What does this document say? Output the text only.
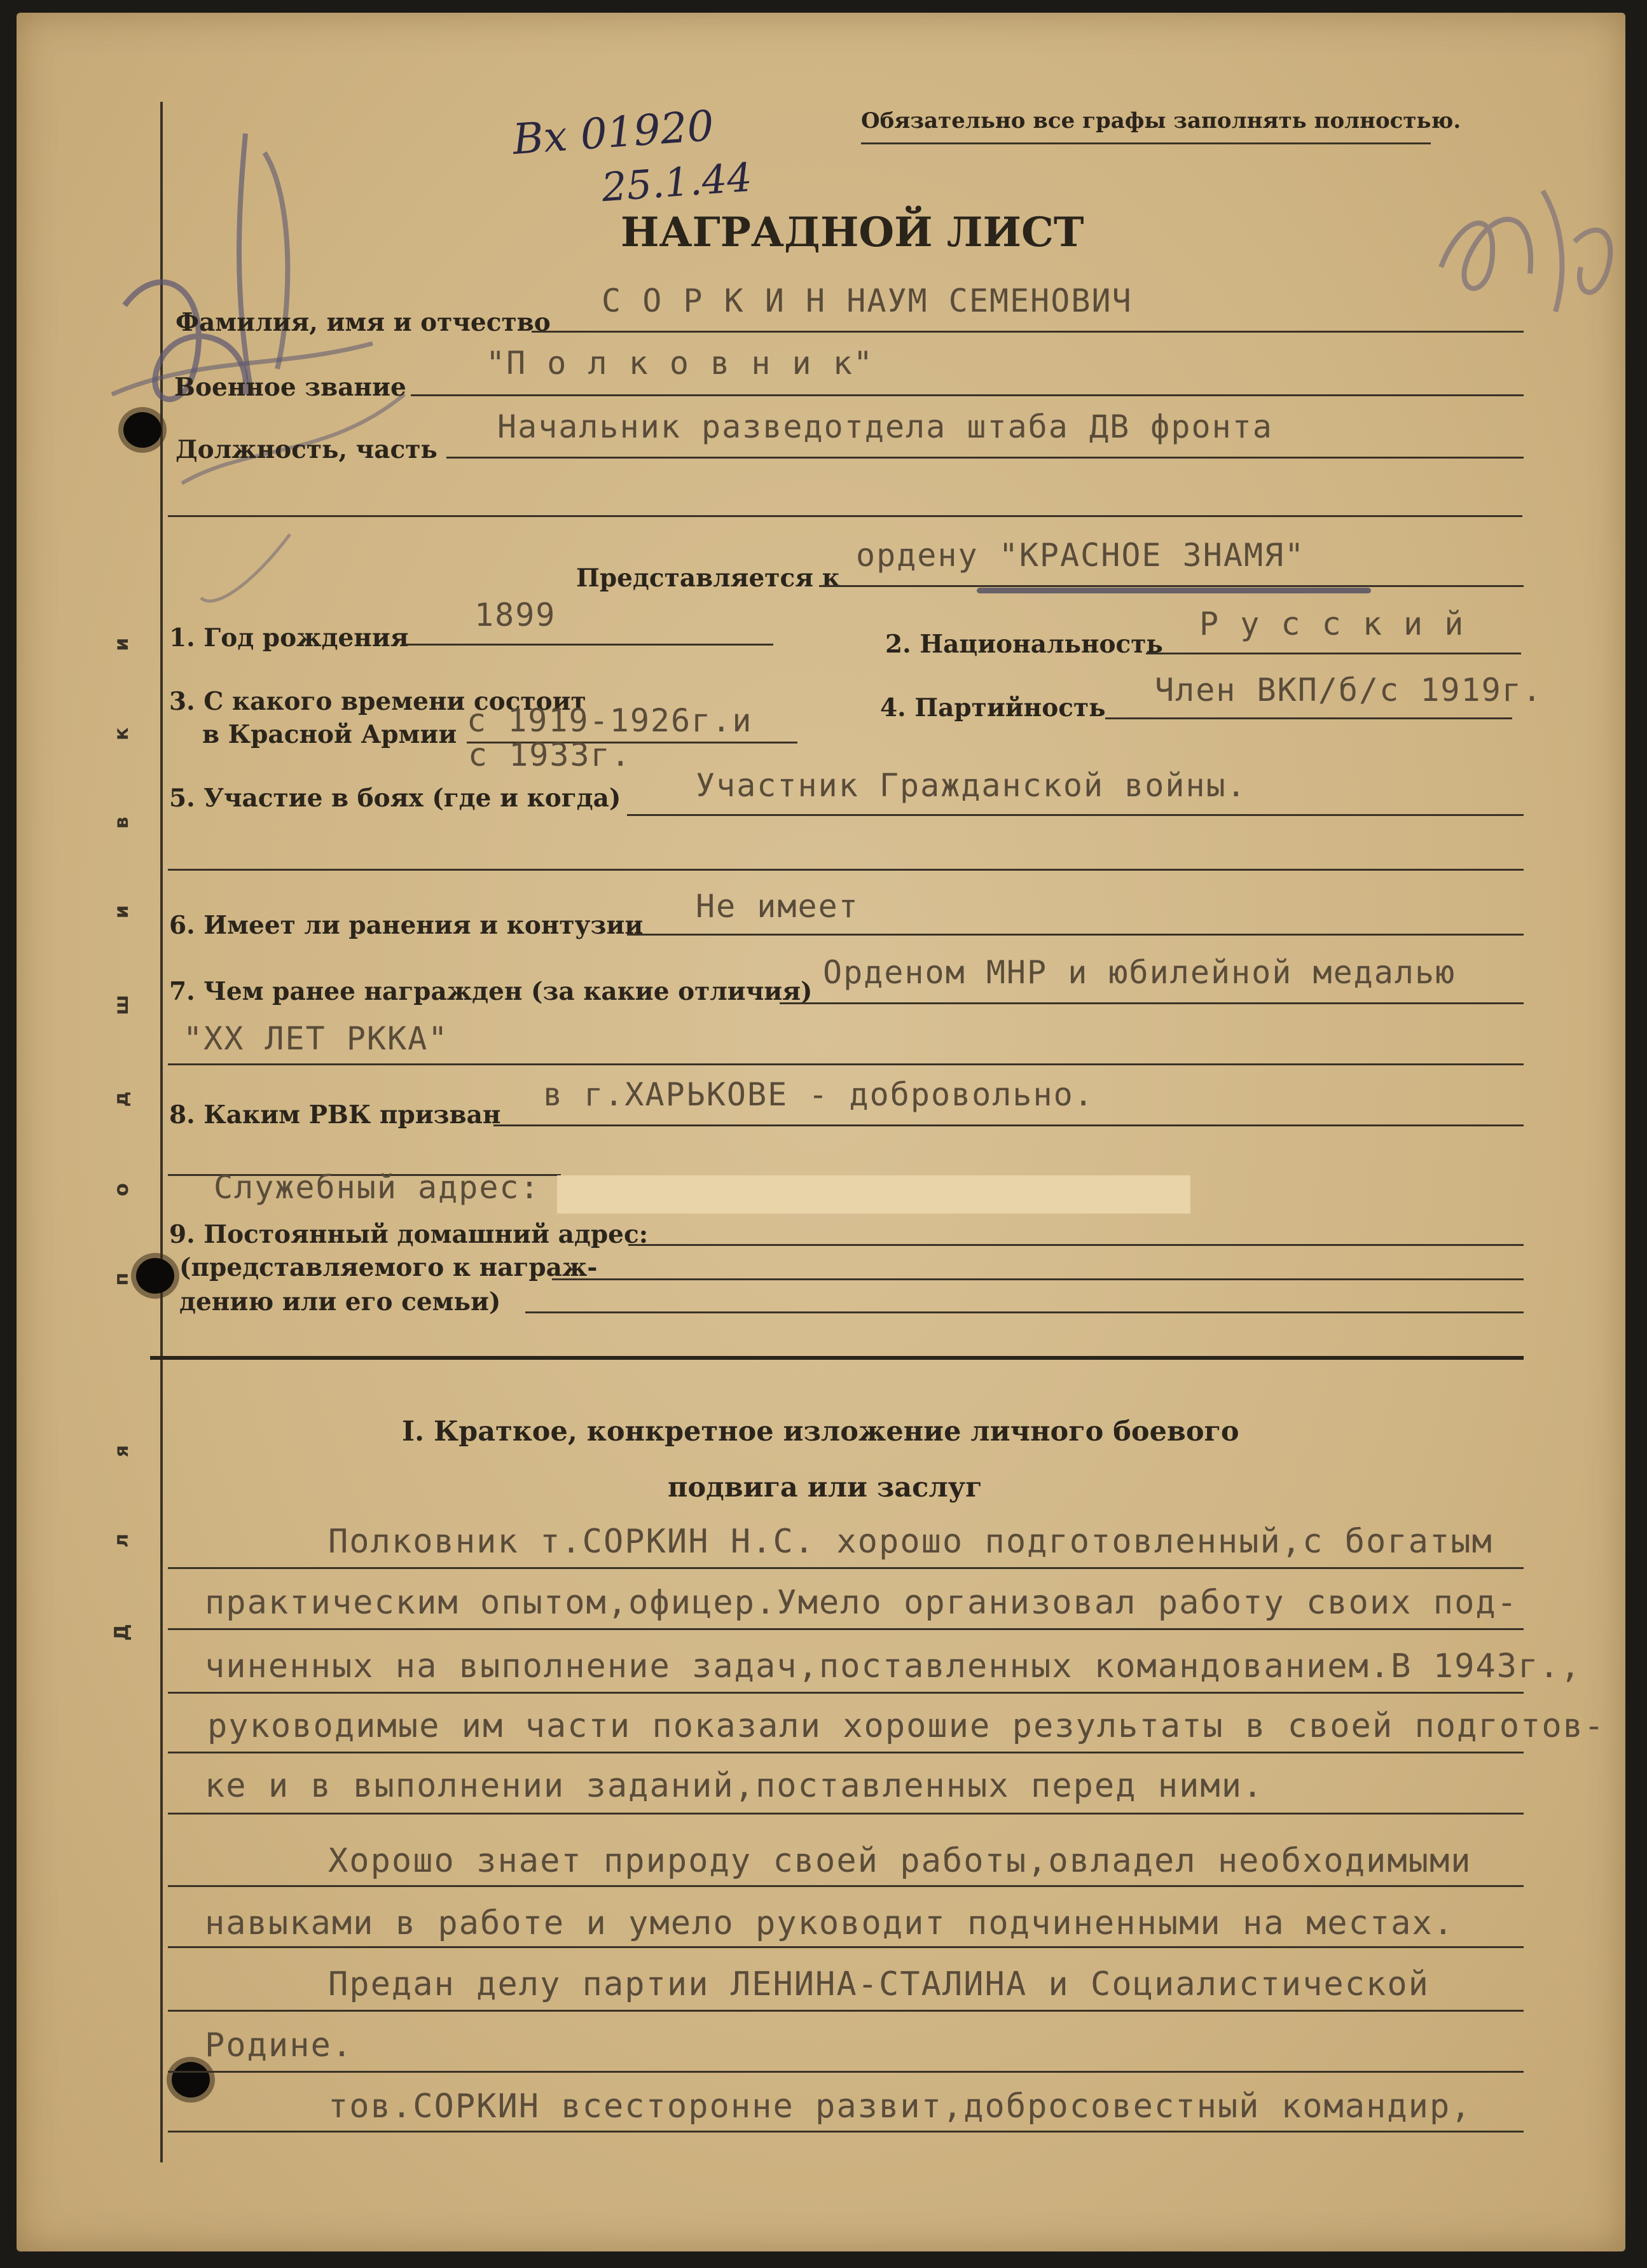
Для подшивки
Вх 01920
25.1.44
Обязательно все графы заполнять полностью.
НАГРАДНОЙ ЛИСТ
Фамилия, имя и отчество
С О Р К И Н НАУМ СЕМЕНОВИЧ
Военное звание
"П о л к о в н и к"
Должность, часть
Начальник разведотдела штаба ДВ фронта
Представляется к
ордену "КРАСНОЕ ЗНАМЯ"
1. Год рождения
1899
2. Национальность
Р у с с к и й
3. С какого времени состоит
в Красной Армии с 1919-1926г.и
с 1933г.
4. Партийность Член ВКП/б/с 1919г.
5. Участие в боях (где и когда) Участник Гражданской войны.
6. Имеет ли ранения и контузии
Не имеет
7. Чем ранее награжден (за какие отличия)
Орденом МНР и юбилейной медалью
"ХХ ЛЕТ РККА"
8. Каким РВК призван
в г.ХАРЬКОВЕ - добровольно.
Служебный адрес:
9. Постоянный домашний адрес:
(представляемого к награж-
дению или его семьи)
I. Краткое, конкретное изложение личного боевого
подвига или заслуг
Полковник т.СОРКИН Н.С. хорошо подготовленный,с богатым
практическим опытом,офицер.Умело организовал работу своих под-
чиненных на выполнение задач,поставленных командованием.В 1943г.,
руководимые им части показали хорошие результаты в своей подготов-
ке и в выполнении заданий,поставленных перед ними.
Хорошо знает природу своей работы,овладел необходимыми
навыками в работе и умело руководит подчиненными на местах.
Предан делу партии ЛЕНИНА-СТАЛИНА и Социалистической
Родине.
тов.СОРКИН всесторонне развит,добросовестный командир,
